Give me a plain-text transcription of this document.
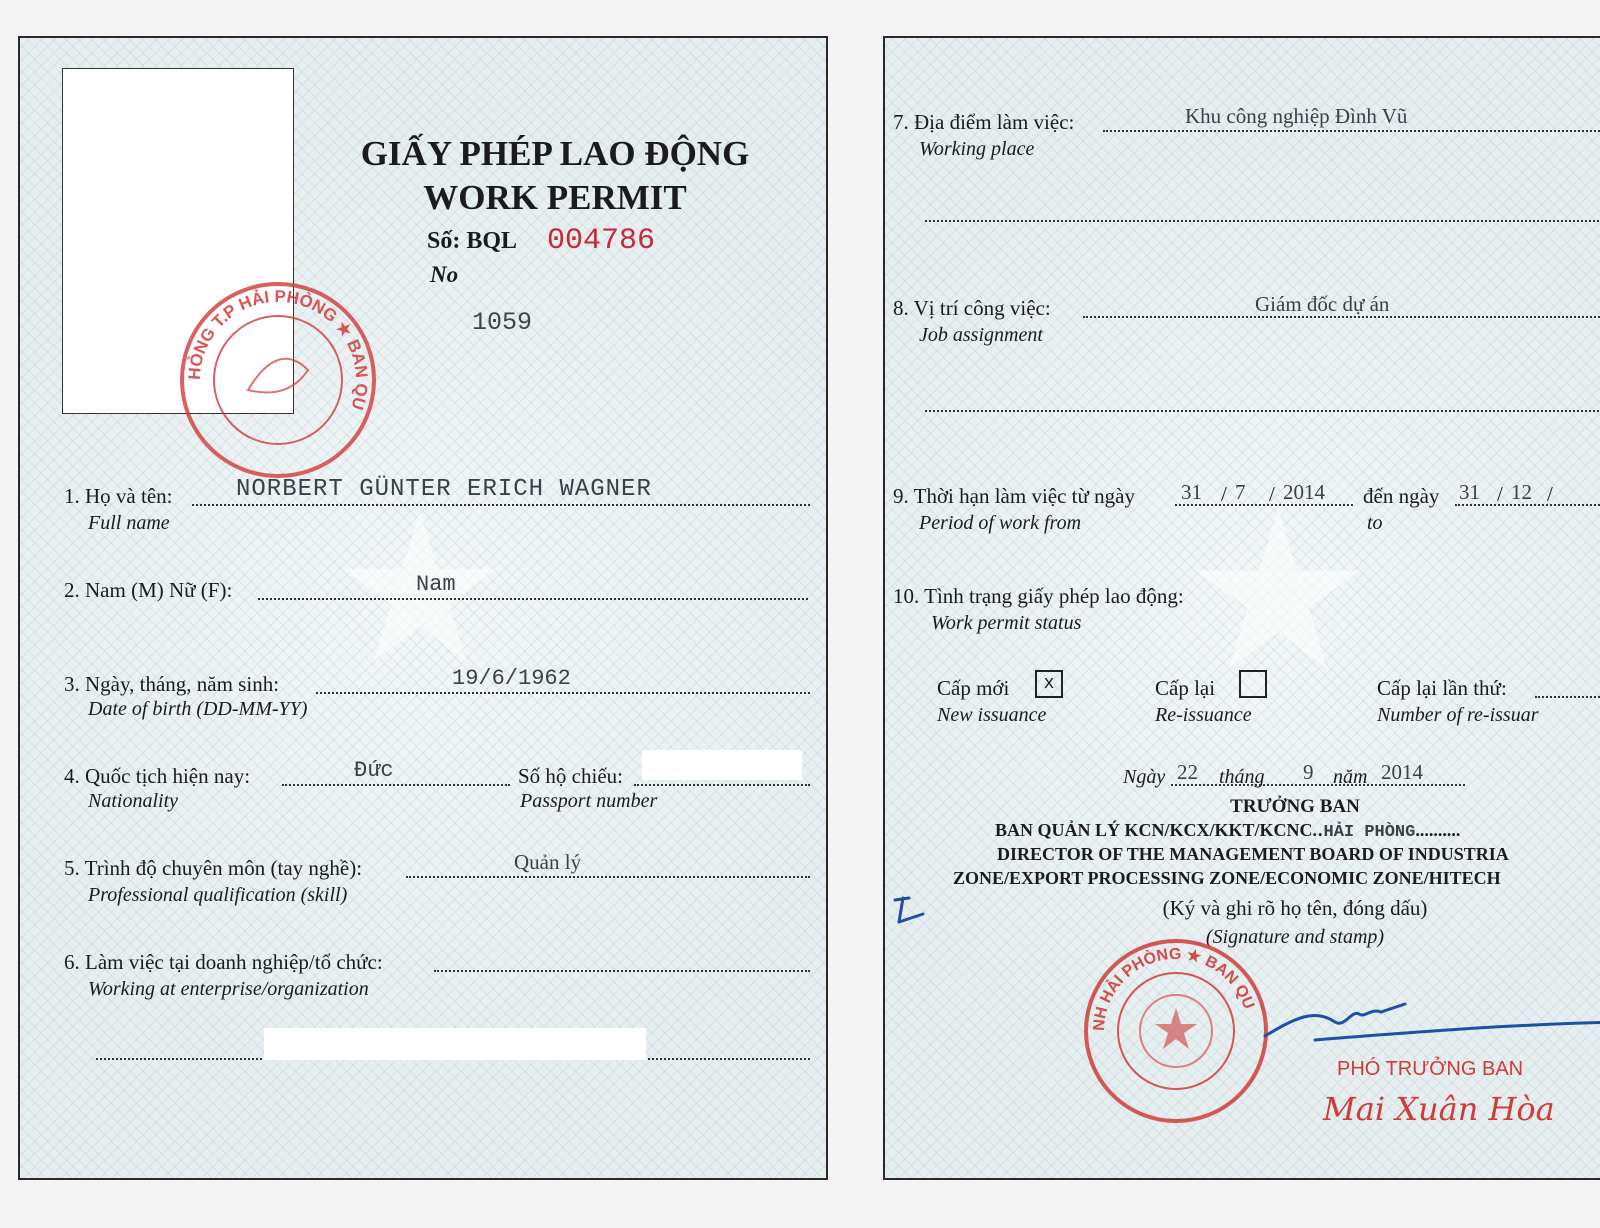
HÒNG T.P HẢI PHÒNG ★ BAN QU
GIẤY PHÉP LAO ĐỘNG
WORK PERMIT
Số: BQL 004786
No
1059
1. Họ và tên:	NORBERT GÜNTER ERICH WAGNER
Full name
2. Nam (M) Nữ (F):	Nam
3. Ngày, tháng, năm sinh:	19/6/1962
Date of birth (DD-MM-YY)
4. Quốc tịch hiện nay:	Đức
Nationality
Số hộ chiếu:
Passport number
5. Trình độ chuyên môn (tay nghề):	Quản lý
Professional qualification (skill)
6. Làm việc tại doanh nghiệp/tổ chức:
Working at enterprise/organization
7. Địa điểm làm việc:	Khu công nghiệp Đình Vũ
Working place
8. Vị trí công việc:	Giám đốc dự án
Job assignment
9. Thời hạn làm việc từ ngày 31 / 7 / 2014 đến ngày 31 / 12 /
Period of work from	to
10. Tình trạng giấy phép lao động:
Work permit status
Cấp mới	x
New issuance
Cấp lại
Re-issuance
Cấp lại lần thứ:
Number of re-issuar
Ngày 22 tháng 9 năm 2014
TRƯỞNG BAN
BAN QUẢN LÝ KCN/KCX/KKT/KCNC..HẢI PHÒNG..........
DIRECTOR OF THE MANAGEMENT BOARD OF INDUSTRIA
ZONE/EXPORT PROCESSING ZONE/ECONOMIC ZONE/HITECH
(Ký và ghi rõ họ tên, đóng dấu)
(Signature and stamp)
NH HẢI PHÒNG ★ BAN QU
PHÓ TRƯỞNG BAN
Mai Xuân Hòa
